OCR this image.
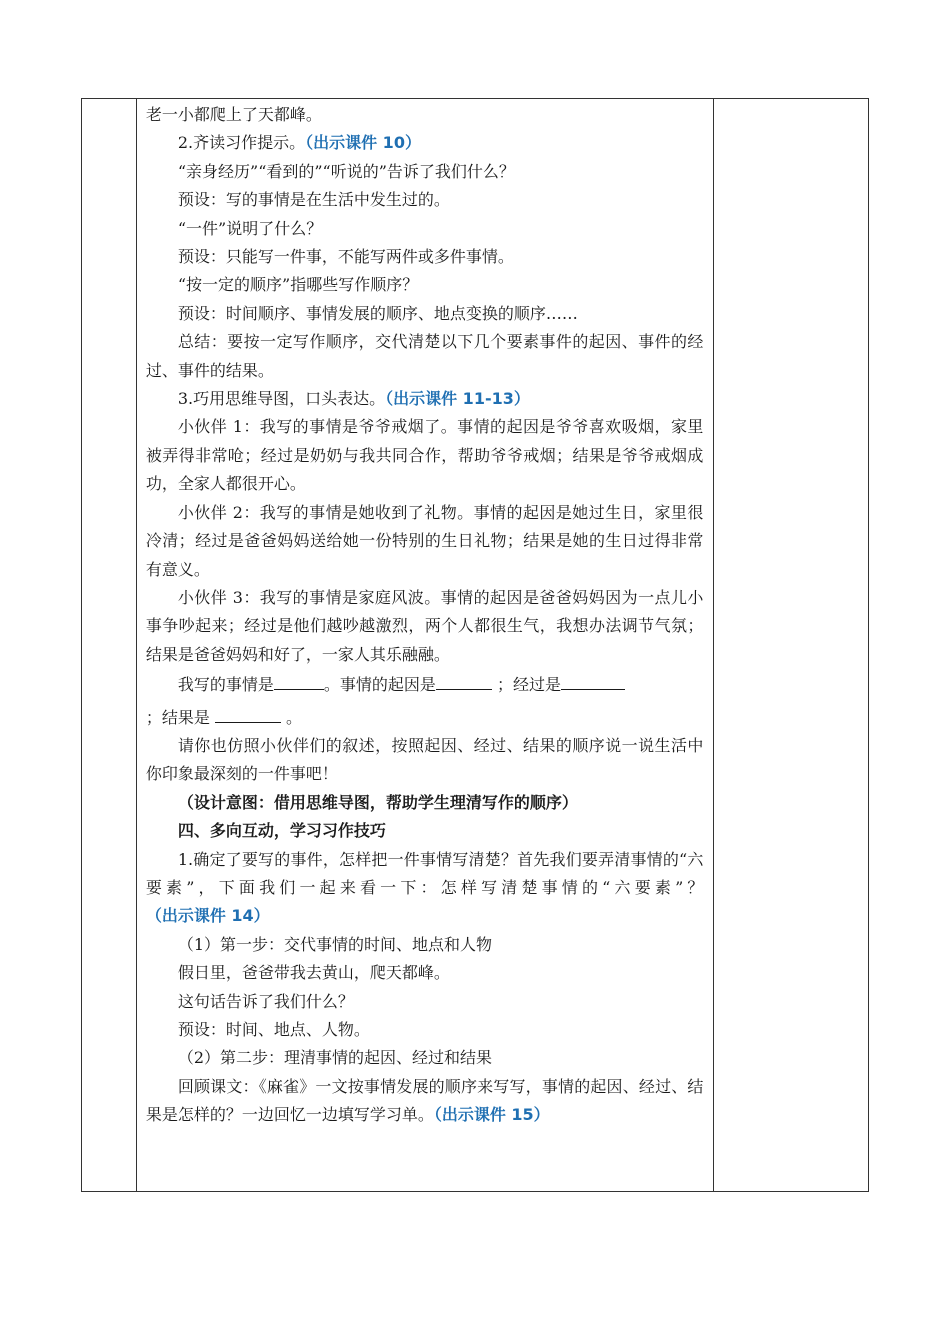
老一小都爬上了天都峰。

2.齐读习作提示。（出示课件 10）

“亲身经历”“看到的”“听说的”告诉了我们什么？

预设：写的事情是在生活中发生过的。

“一件”说明了什么？

预设：只能写一件事，不能写两件或多件事情。

“按一定的顺序”指哪些写作顺序？

预设：时间顺序、事情发展的顺序、地点变换的顺序……

总结：要按一定写作顺序，交代清楚以下几个要素事件的起因、事件的经过、事件的结果。

3.巧用思维导图，口头表达。（出示课件 11-13）

小伙伴 1：我写的事情是爷爷戒烟了。事情的起因是爷爷喜欢吸烟，家里被弄得非常呛；经过是奶奶与我共同合作，帮助爷爷戒烟；结果是爷爷戒烟成功，全家人都很开心。

小伙伴 2：我写的事情是她收到了礼物。事情的起因是她过生日，家里很冷清；经过是爸爸妈妈送给她一份特别的生日礼物；结果是她的生日过得非常有意义。

小伙伴 3：我写的事情是家庭风波。事情的起因是爸爸妈妈因为一点儿小事争吵起来；经过是他们越吵越激烈，两个人都很生气，我想办法调节气氛；结果是爸爸妈妈和好了，一家人其乐融融。

我写的事情是	。事情的起因是	；经过是

；结果是	。

请你也仿照小伙伴们的叙述，按照起因、经过、结果的顺序说一说生活中你印象最深刻的一件事吧！

（设计意图：借用思维导图，帮助学生理清写作的顺序）

四、多向互动，学习习作技巧

1.确定了要写的事件，怎样把一件事情写清楚？首先我们要弄清事情的“六要素”，下面我们一起来看一下：怎样写清楚事情的“六要素”？（出示课件 14）

（1）第一步：交代事情的时间、地点和人物

假日里，爸爸带我去黄山，爬天都峰。

这句话告诉了我们什么？

预设：时间、地点、人物。

（2）第二步：理清事情的起因、经过和结果

回顾课文：《麻雀》一文按事情发展的顺序来写写，事情的起因、经过、结果是怎样的？一边回忆一边填写学习单。（出示课件 15）
